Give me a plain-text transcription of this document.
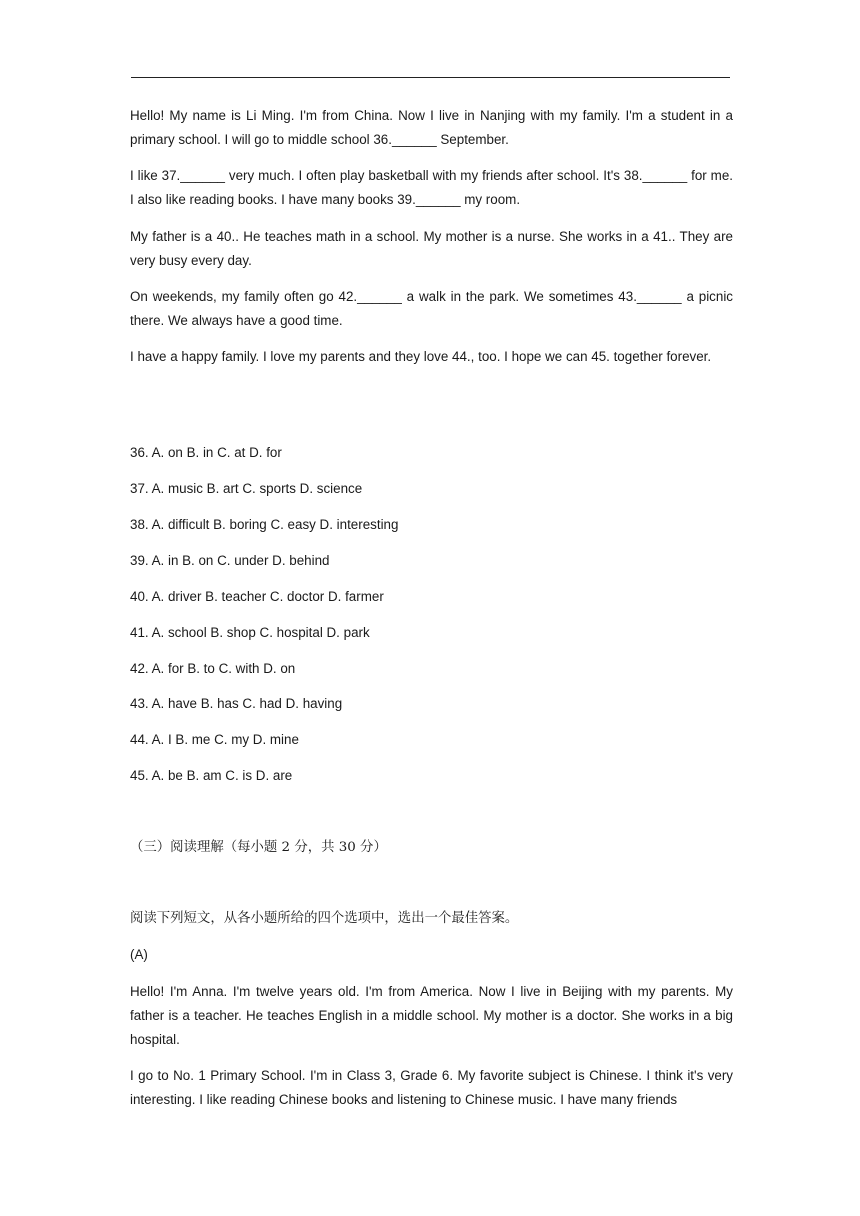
Hello! My name is Li Ming. I'm from China. Now I live in Nanjing with my family. I'm a student in a primary school. I will go to middle school 36.______ September.

I like 37.______ very much. I often play basketball with my friends after school. It's 38.______ for me. I also like reading books. I have many books 39.______ my room.

My father is a 40.. He teaches math in a school. My mother is a nurse. She works in a 41.. They are very busy every day.

On weekends, my family often go 42.______ a walk in the park. We sometimes 43.______ a picnic there. We always have a good time.

I have a happy family. I love my parents and they love 44., too. I hope we can 45. together forever.

36. A. on B. in C. at D. for

37. A. music B. art C. sports D. science

38. A. difficult B. boring C. easy D. interesting

39. A. in B. on C. under D. behind

40. A. driver B. teacher C. doctor D. farmer

41. A. school B. shop C. hospital D. park

42. A. for B. to C. with D. on

43. A. have B. has C. had D. having

44. A. I B. me C. my D. mine

45. A. be B. am C. is D. are

（三）阅读理解（每小题 2 分，共 30 分）

阅读下列短文，从各小题所给的四个选项中，选出一个最佳答案。

(A)

Hello! I'm Anna. I'm twelve years old. I'm from America. Now I live in Beijing with my parents. My father is a teacher. He teaches English in a middle school. My mother is a doctor. She works in a big hospital.

I go to No. 1 Primary School. I'm in Class 3, Grade 6. My favorite subject is Chinese. I think it's very interesting. I like reading Chinese books and listening to Chinese music. I have many friends
